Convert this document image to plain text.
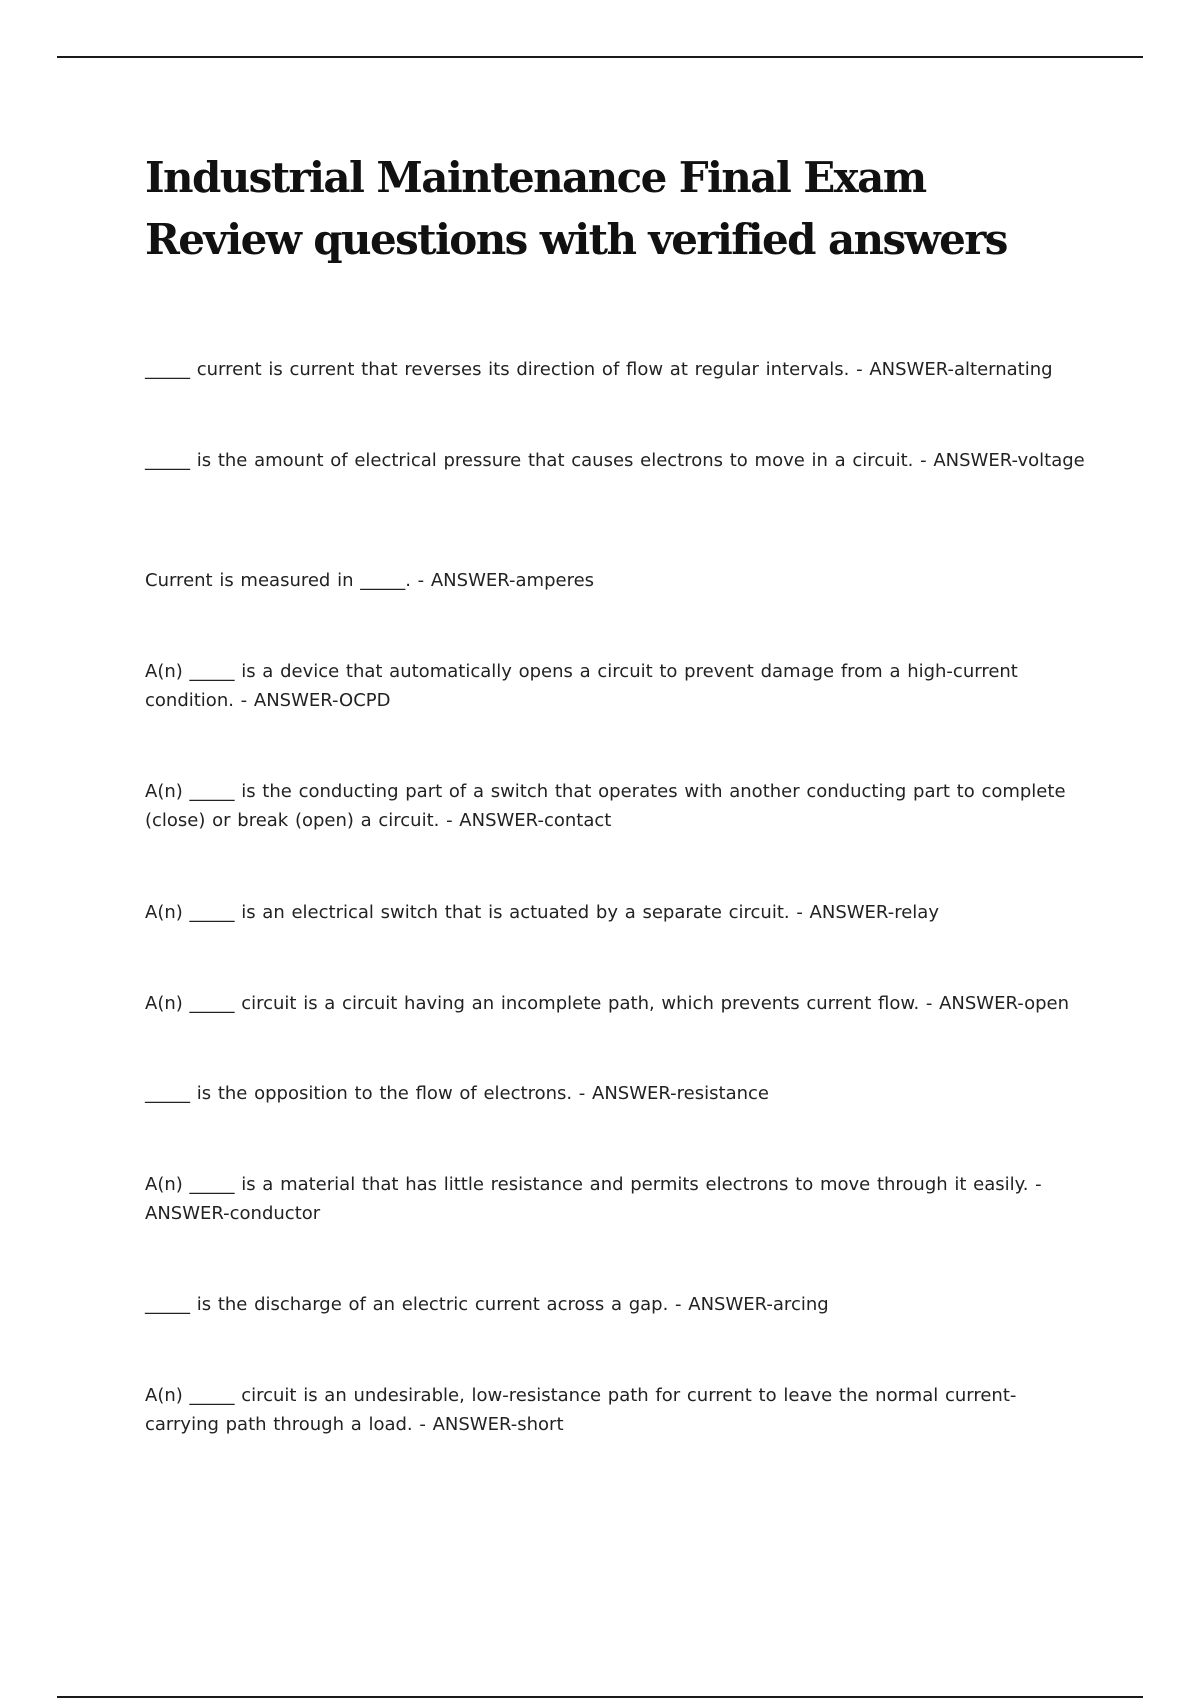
Industrial Maintenance Final Exam Review questions with verified answers

_____ current is current that reverses its direction of flow at regular intervals. - ANSWER-alternating

_____ is the amount of electrical pressure that causes electrons to move in a circuit. - ANSWER-voltage

Current is measured in _____. - ANSWER-amperes

A(n) _____ is a device that automatically opens a circuit to prevent damage from a high-current condition. - ANSWER-OCPD

A(n) _____ is the conducting part of a switch that operates with another conducting part to complete (close) or break (open) a circuit. - ANSWER-contact

A(n) _____ is an electrical switch that is actuated by a separate circuit. - ANSWER-relay

A(n) _____ circuit is a circuit having an incomplete path, which prevents current flow. - ANSWER-open

_____ is the opposition to the flow of electrons. - ANSWER-resistance

A(n) _____ is a material that has little resistance and permits electrons to move through it easily. - ANSWER-conductor

_____ is the discharge of an electric current across a gap. - ANSWER-arcing

A(n) _____ circuit is an undesirable, low-resistance path for current to leave the normal current-carrying path through a load. - ANSWER-short
